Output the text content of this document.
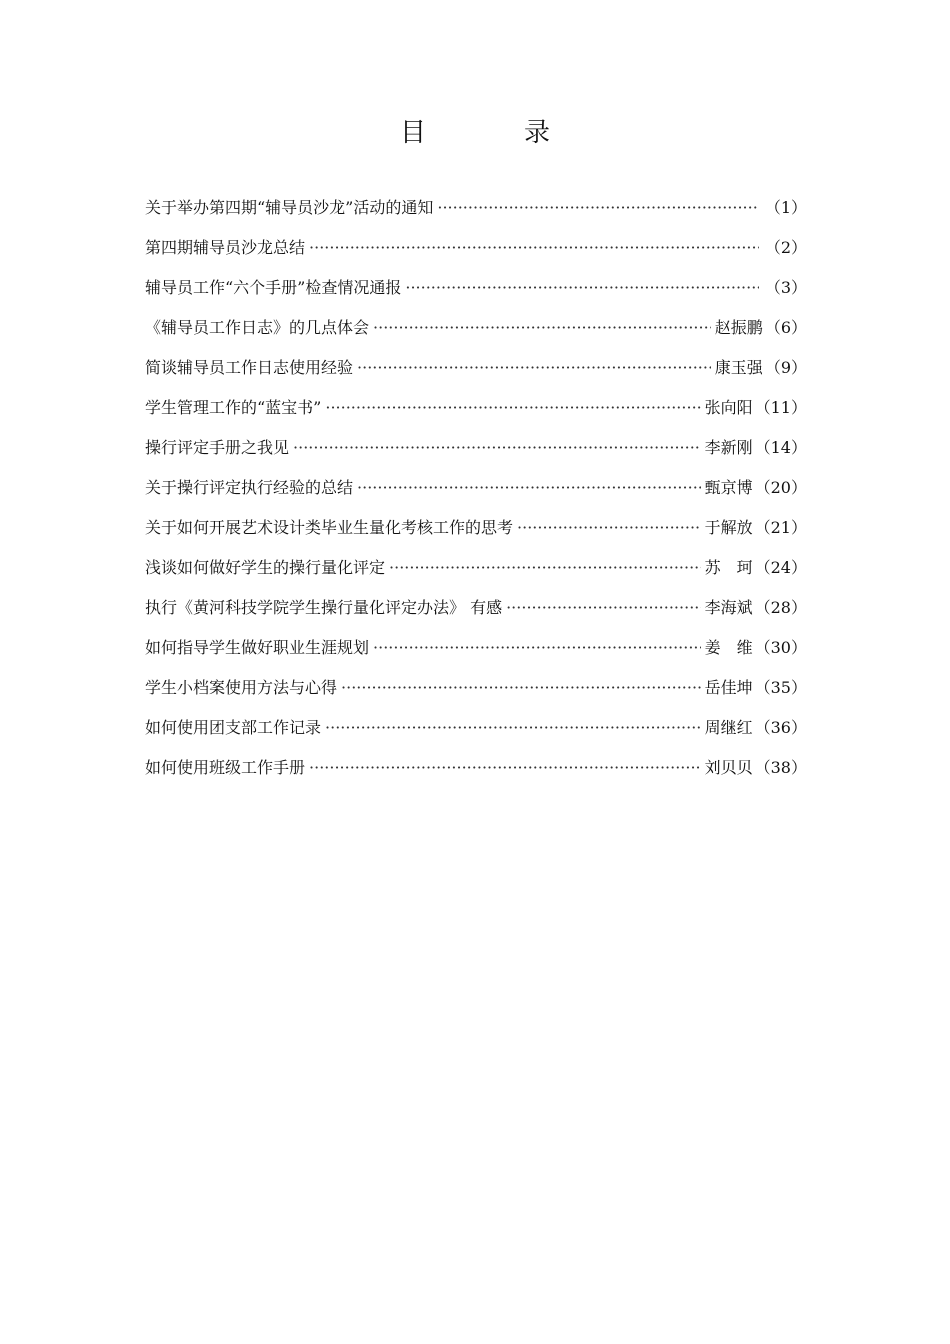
目　录
关于举办第四期“辅导员沙龙”活动的通知 ·····	（1）
第四期辅导员沙龙总结 ·····	（2）
辅导员工作“六个手册”检查情况通报 ·····	（3）
《辅导员工作日志》的几点体会 ·····	赵振鹏 （6）
简谈辅导员工作日志使用经验 ·····	康玉强 （9）
学生管理工作的“蓝宝书” ·····	张向阳 （11）
操行评定手册之我见 ·····	李新刚 （14）
关于操行评定执行经验的总结 ·····	甄京博 （20）
关于如何开展艺术设计类毕业生量化考核工作的思考 ·····	于解放 （21）
浅谈如何做好学生的操行量化评定 ·····	苏　珂 （24）
执行《黄河科技学院学生操行量化评定办法》 有感 ·····	李海斌 （28）
如何指导学生做好职业生涯规划 ·····	姜　维 （30）
学生小档案使用方法与心得 ·····	岳佳坤 （35）
如何使用团支部工作记录 ·····	周继红 （36）
如何使用班级工作手册 ·····	刘贝贝 （38）
